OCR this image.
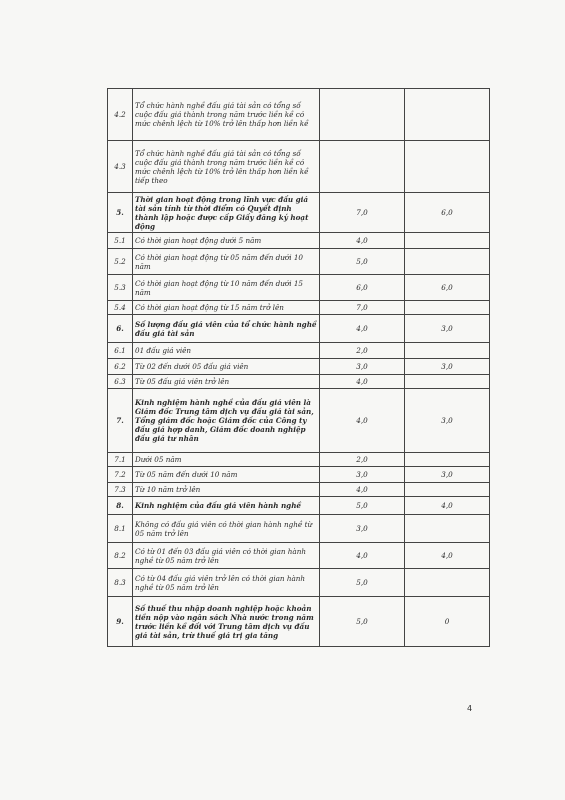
4.2	Tổ chức hành nghề đấu giá tài sản có tổng số cuộc đấu giá thành trong năm trước liền kề có mức chênh lệch từ 10% trở lên thấp hơn liền kề		
4.3	Tổ chức hành nghề đấu giá tài sản có tổng số cuộc đấu giá thành trong năm trước liền kề có mức chênh lệch từ 10% trở lên thấp hơn liền kề tiếp theo		
5.	Thời gian hoạt động trong lĩnh vực đấu giá tài sản tính từ thời điểm có Quyết định thành lập hoặc được cấp Giấy đăng ký hoạt động	7,0	6,0
5.1	Có thời gian hoạt động dưới 5 năm	4,0	
5.2	Có thời gian hoạt động từ 05 năm đến dưới 10 năm	5,0	
5.3	Có thời gian hoạt động từ 10 năm đến dưới 15 năm	6,0	6,0
5.4	Có thời gian hoạt động từ 15 năm trở lên	7,0	
6.	Số lượng đấu giá viên của tổ chức hành nghề đấu giá tài sản	4,0	3,0
6.1	01 đấu giá viên	2,0	
6.2	Từ 02 đến dưới 05 đấu giá viên	3,0	3,0
6.3	Từ 05 đấu giá viên trở lên	4,0	
7.	Kinh nghiệm hành nghề của đấu giá viên là Giám đốc Trung tâm dịch vụ đấu giá tài sản, Tổng giám đốc hoặc Giám đốc của Công ty đấu giá hợp danh, Giám đốc doanh nghiệp đấu giá tư nhân	4,0	3,0
7.1	Dưới 05 năm	2,0	
7.2	Từ 05 năm đến dưới 10 năm	3,0	3,0
7.3	Từ 10 năm trở lên	4,0	
8.	Kinh nghiệm của đấu giá viên hành nghề	5,0	4,0
8.1	Không có đấu giá viên có thời gian hành nghề từ 05 năm trở lên	3,0	
8.2	Có từ 01 đến 03 đấu giá viên có thời gian hành nghề từ 05 năm trở lên	4,0	4,0
8.3	Có từ 04 đấu giá viên trở lên có thời gian hành nghề từ 05 năm trở lên	5,0	
9.	Số thuế thu nhập doanh nghiệp hoặc khoản tiền nộp vào ngân sách Nhà nước trong năm trước liền kề đối với Trung tâm dịch vụ đấu giá tài sản, trừ thuế giá trị gia tăng	5,0	0
4
